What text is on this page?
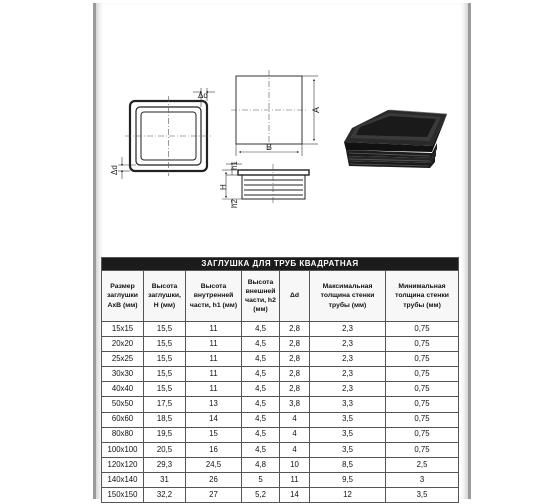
Δd
Δd
A
B
h1
H
h2
ЗАГЛУШКА ДЛЯ ТРУБ КВАДРАТНАЯ						
Размер заглушки АхВ (мм)	Высота заглушки, Н (мм)	Высота внутренней части, h1 (мм)	Высота внешней части, h2 (мм)	Δd	Максимальная толщина стенки трубы (мм)	Минимальная толщина стенки трубы (мм)
15x15	15,5	11	4,5	2,8	2,3	0,75
20x20	15,5	11	4,5	2,8	2,3	0,75
25x25	15,5	11	4,5	2,8	2,3	0,75
30x30	15,5	11	4,5	2,8	2,3	0,75
40x40	15,5	11	4,5	2,8	2,3	0,75
50x50	17,5	13	4,5	3,8	3,3	0,75
60x60	18,5	14	4,5	4	3,5	0,75
80x80	19,5	15	4,5	4	3,5	0,75
100x100	20,5	16	4,5	4	3,5	0,75
120x120	29,3	24,5	4,8	10	8,5	2,5
140x140	31	26	5	11	9,5	3
150x150	32,2	27	5,2	14	12	3,5
